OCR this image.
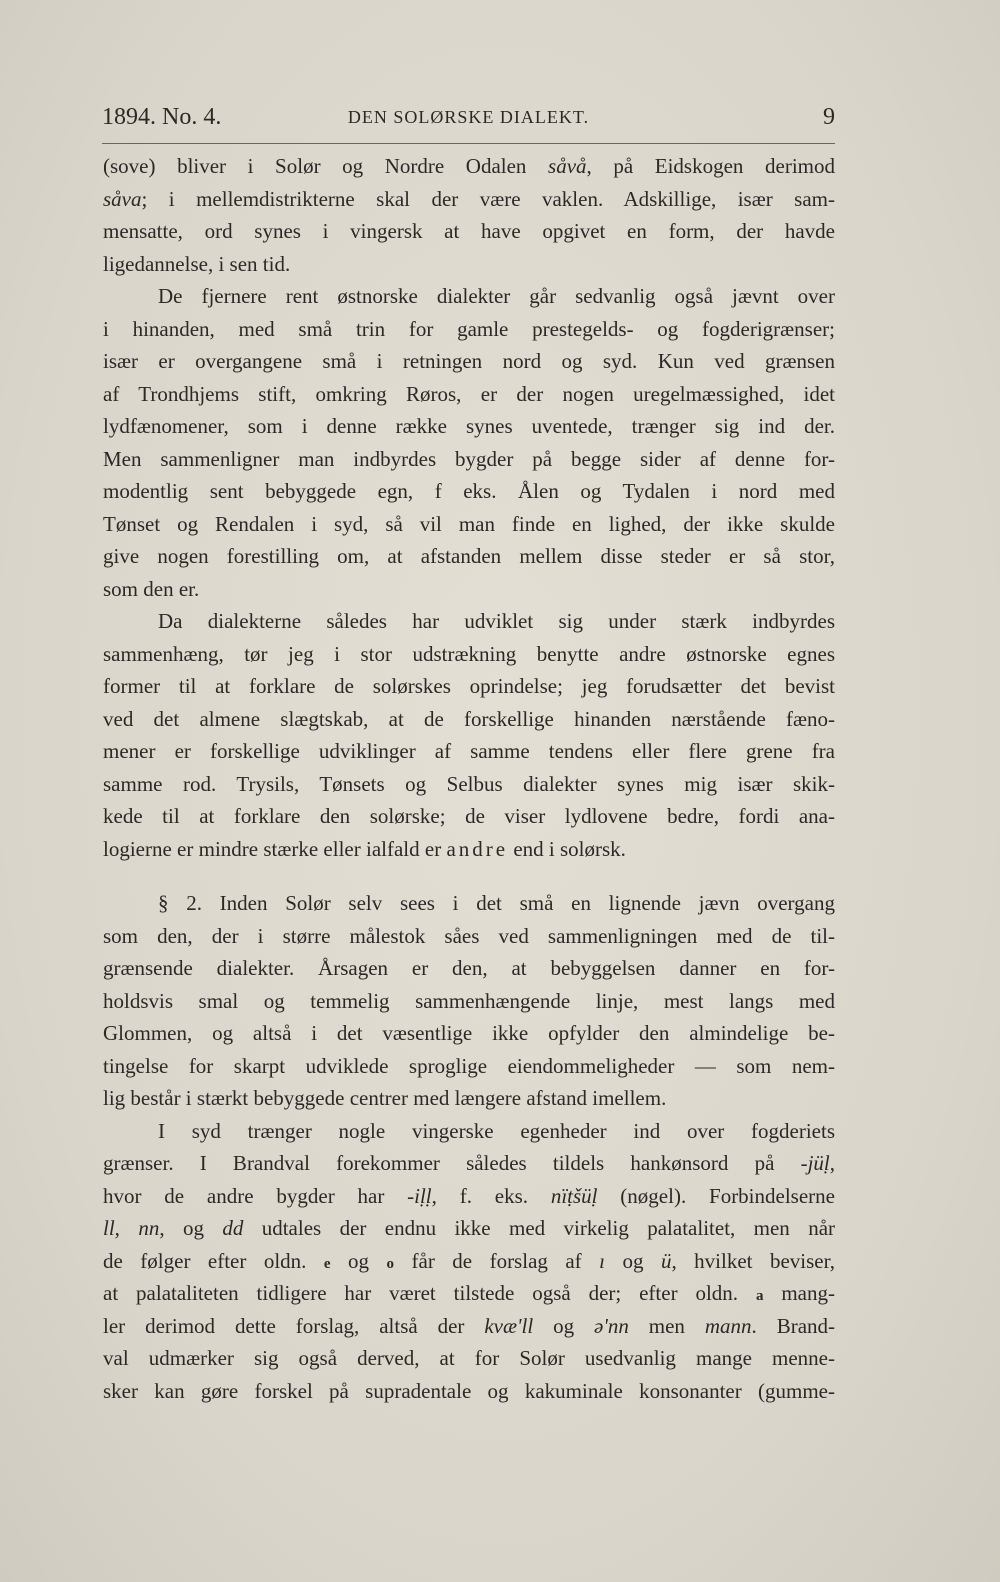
1894. No. 4.	DEN SOLØRSKE DIALEKT.	9
(sove) bliver i Solør og Nordre Odalen såvå, på Eidskogen derimod
såva; i mellemdistrikterne skal der være vaklen. Adskillige, især sam-
mensatte, ord synes i vingersk at have opgivet en form, der havde
ligedannelse, i sen tid.
De fjernere rent østnorske dialekter går sedvanlig også jævnt over
i hinanden, med små trin for gamle prestegelds- og fogderigrænser;
især er overgangene små i retningen nord og syd. Kun ved grænsen
af Trondhjems stift, omkring Røros, er der nogen uregelmæssighed, idet
lydfænomener, som i denne række synes uventede, trænger sig ind der.
Men sammenligner man indbyrdes bygder på begge sider af denne for-
modentlig sent bebyggede egn, f eks. Ålen og Tydalen i nord med
Tønset og Rendalen i syd, så vil man finde en lighed, der ikke skulde
give nogen forestilling om, at afstanden mellem disse steder er så stor,
som den er.
Da dialekterne således har udviklet sig under stærk indbyrdes
sammenhæng, tør jeg i stor udstrækning benytte andre østnorske egnes
former til at forklare de solørskes oprindelse; jeg forudsætter det bevist
ved det almene slægtskab, at de forskellige hinanden nærstående fæno-
mener er forskellige udviklinger af samme tendens eller flere grene fra
samme rod. Trysils, Tønsets og Selbus dialekter synes mig især skik-
kede til at forklare den solørske; de viser lydlovene bedre, fordi ana-
logierne er mindre stærke eller ialfald er andre end i solørsk.
§ 2. Inden Solør selv sees i det små en lignende jævn overgang
som den, der i større målestok såes ved sammenligningen med de til-
grænsende dialekter. Årsagen er den, at bebyggelsen danner en for-
holdsvis smal og temmelig sammenhængende linje, mest langs med
Glommen, og altså i det væsentlige ikke opfylder den almindelige be-
tingelse for skarpt udviklede sproglige eiendommeligheder — som nem-
lig består i stærkt bebyggede centrer med længere afstand imellem.
I syd trænger nogle vingerske egenheder ind over fogderiets
grænser. I Brandval forekommer således tildels hankønsord på -jüḷ,
hvor de andre bygder har -iḷḷ, f. eks. nïṭšüḷ (nøgel). Forbindelserne
ll, nn, og dd udtales der endnu ikke med virkelig palatalitet, men når
de følger efter oldn. e og o får de forslag af ı og ü, hvilket beviser,
at palataliteten tidligere har været tilstede også der; efter oldn. a mang-
ler derimod dette forslag, altså der kvæ'll og ə'nn men mann. Brand-
val udmærker sig også derved, at for Solør usedvanlig mange menne-
sker kan gøre forskel på supradentale og kakuminale konsonanter (gumme-
